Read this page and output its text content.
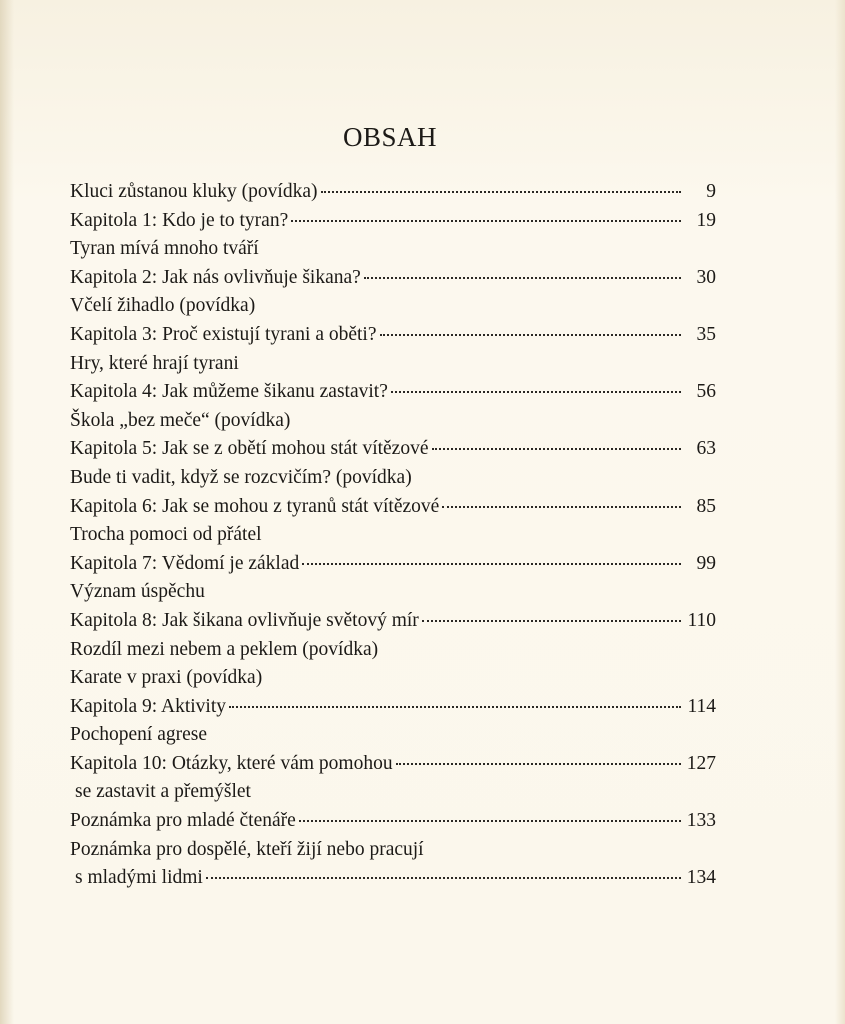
OBSAH
Kluci zůstanou kluky (povídka)	9
Kapitola 1: Kdo je to tyran?	19
Tyran mívá mnoho tváří
Kapitola 2: Jak nás ovlivňuje šikana?	30
Včelí žihadlo (povídka)
Kapitola 3: Proč existují tyrani a oběti?	35
Hry, které hrají tyrani
Kapitola 4: Jak můžeme šikanu zastavit?	56
Škola „bez meče“ (povídka)
Kapitola 5: Jak se z obětí mohou stát vítězové	63
Bude ti vadit, když se rozcvičím? (povídka)
Kapitola 6: Jak se mohou z tyranů stát vítězové	85
Trocha pomoci od přátel
Kapitola 7: Vědomí je základ	99
Význam úspěchu
Kapitola 8: Jak šikana ovlivňuje světový mír	110
Rozdíl mezi nebem a peklem (povídka)
Karate v praxi (povídka)
Kapitola 9: Aktivity	114
Pochopení agrese
Kapitola 10: Otázky, které vám pomohou	127
se zastavit a přemýšlet
Poznámka pro mladé čtenáře	133
Poznámka pro dospělé, kteří žijí nebo pracují
s mladými lidmi	134
